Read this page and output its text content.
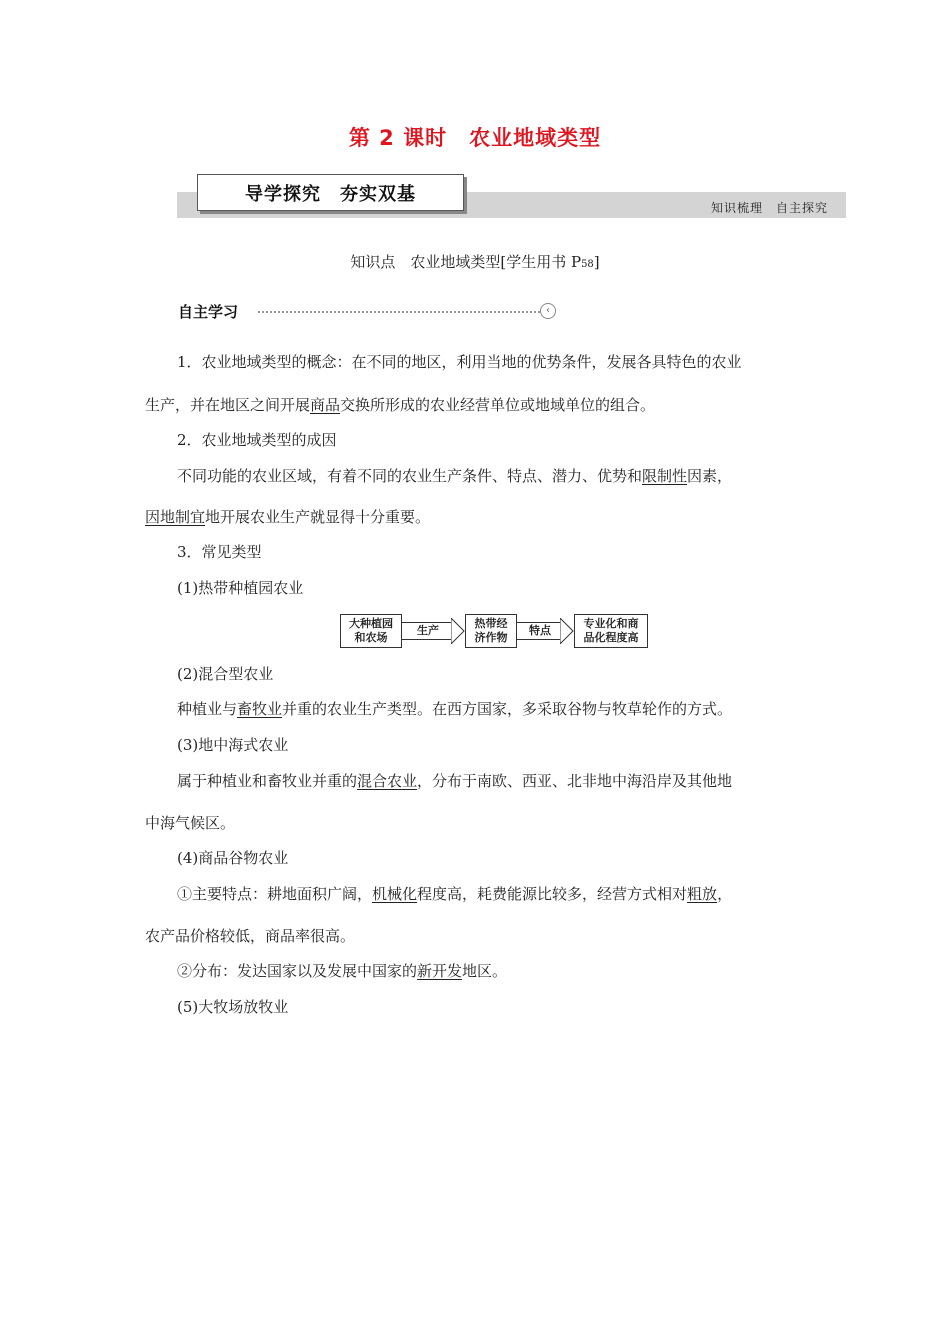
第 2 课时　农业地域类型
导学探究　夯实双基
知识梳理　自主探究
知识点　农业地域类型[学生用书 P58]
自主学习	‹
1．农业地域类型的概念：在不同的地区，利用当地的优势条件，发展各具特色的农业
生产，并在地区之间开展商品交换所形成的农业经营单位或地域单位的组合。
2．农业地域类型的成因
不同功能的农业区域，有着不同的农业生产条件、特点、潜力、优势和限制性因素，
因地制宜地开展农业生产就显得十分重要。
3．常见类型
(1)热带种植园农业
大种植园
和农场
生产
热带经
济作物
特点
专业化和商
品化程度高
(2)混合型农业
种植业与畜牧业并重的农业生产类型。在西方国家，多采取谷物与牧草轮作的方式。
(3)地中海式农业
属于种植业和畜牧业并重的混合农业，分布于南欧、西亚、北非地中海沿岸及其他地
中海气候区。
(4)商品谷物农业
①主要特点：耕地面积广阔，机械化程度高，耗费能源比较多，经营方式相对粗放，
农产品价格较低，商品率很高。
②分布：发达国家以及发展中国家的新开发地区。
(5)大牧场放牧业
